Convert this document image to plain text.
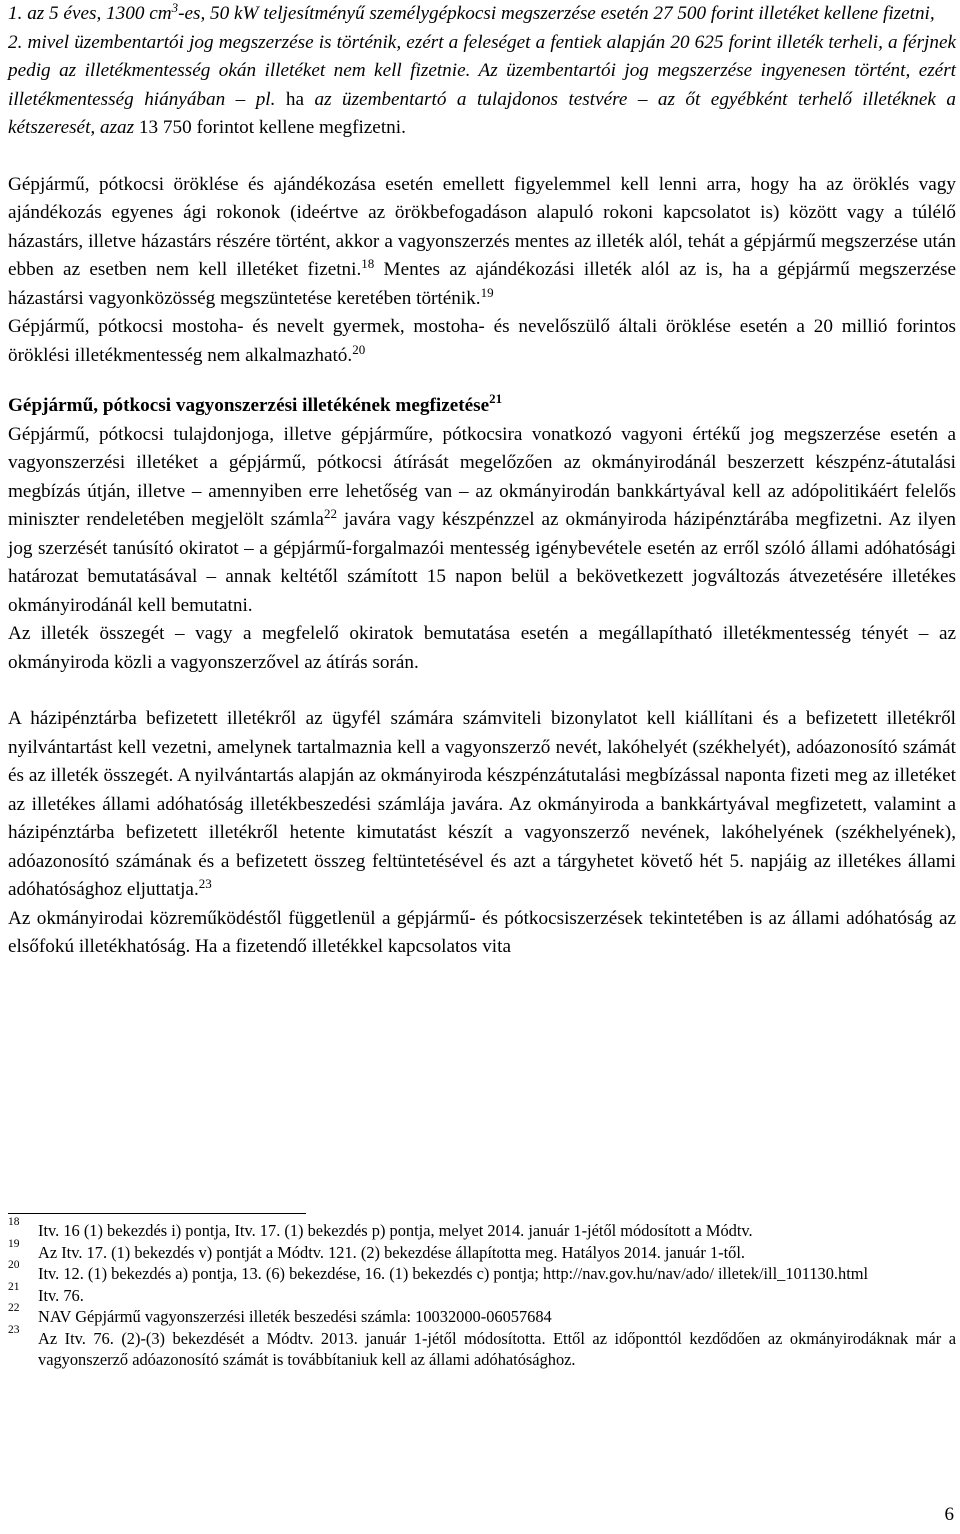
1. az 5 éves, 1300 $cm^3-es$, 50 kW teljesítményű személygépkocsi megszerzése esetén 27 500 forint illetéket kellene fizetni,

2. mivel üzembentartói jog megszerzése is történik, ezért a feleséget a fentiek alapján 20 625 forint illeték terheli, a férjnek pedig az illetékmentesség okán illetéket nem kell fizetnie. Az üzembentartói jog megszerzése ingyenesen történt, ezért illetékmentesség hiányában – pl. ha az üzembentartó a tulajdonos testvére – az őt egyébként terhelő illetéknek a kétszeresét, azaz 13 750 forintot kellene megfizetni.

Gépjármű, pótkocsi öröklése és ajándékozása esetén emellett figyelemmel kell lenni arra, hogy ha az öröklés vagy ajándékozás egyenes ági rokonok (ideértve az örökbefogadáson alapuló rokoni kapcsolatot is) között vagy a túlélő házastárs, illetve házastárs részére történt, akkor a vagyonszerzés mentes az illeték alól, tehát a gépjármű megszerzése után ebben az esetben nem kell illetéket fizetni.$^{18}$ Mentes az ajándékozási illeték alól az is, ha a gépjármű megszerzése házastársi vagyonközösség megszüntetése keretében történik.$^{19}$

Gépjármű, pótkocsi mostoha- és nevelt gyermek, mostoha- és nevelőszülő általi öröklése esetén a 20 millió forintos öröklési illetékmentesség nem alkalmazható.$^{20}$

Gépjármű, pótkocsi vagyonszerzési illetékének megfizetése$^{21}$

Gépjármű, pótkocsi tulajdonjoga, illetve gépjárműre, pótkocsira vonatkozó vagyoni értékű jog megszerzése esetén a vagyonszerzési illetéket a gépjármű, pótkocsi átírását megelőzően az okmányirodánál beszerzett készpénz-átutalási megbízás útján, illetve – amennyiben erre lehetőség van – az okmányirodán bankkártyával kell az adópolitikáért felelős miniszter rendeletében megjelölt számla$^{22}$ javára vagy készpénzzel az okmányiroda házipénztárába megfizetni. Az ilyen jog szerzését tanúsító okiratot – a gépjármű-forgalmazói mentesség igénybevétele esetén az erről szóló állami adóhatósági határozat bemutatásával – annak keltétől számított 15 napon belül a bekövetkezett jogváltozás átvezetésére illetékes okmányirodánál kell bemutatni.

Az illeték összegét – vagy a megfelelő okiratok bemutatása esetén a megállapítható illetékmentesség tényét – az okmányiroda közli a vagyonszerzővel az átírás során.

A házipénztárba befizetett illetékről az ügyfél számára számviteli bizonylatot kell kiállítani és a befizetett illetékről nyilvántartást kell vezetni, amelynek tartalmaznia kell a vagyonszerző nevét, lakóhelyét (székhelyét), adóazonosító számát és az illeték összegét. A nyilvántartás alapján az okmányiroda készpénzátutalási megbízással naponta fizeti meg az illetéket az illetékes állami adóhatóság illetékbeszedési számlája javára. Az okmányiroda a bankkártyával megfizetett, valamint a házipénztárba befizetett illetékről hetente kimutatást készít a vagyonszerző nevének, lakóhelyének (székhelyének), adóazonosító számának és a befizetett összeg feltüntetésével és azt a tárgyhetet követő hét 5. napjáig az illetékes állami adóhatósághoz eljuttatja.$^{23}$

Az okmányirodai közreműködéstől függetlenül a gépjármű- és pótkocsiszerzések tekintetében is az állami adóhatóság az elsőfokú illetékhatóság. Ha a fizetendő illetékkel kapcsolatos vita

18 Itv. 16 (1) bekezdés i) pontja, Itv. 17. (1) bekezdés p) pontja, melyet 2014. január 1-jétől módosított a Módtv.

19 Az Itv. 17. (1) bekezdés v) pontját a Módtv. 121. (2) bekezdése állapította meg. Hatályos 2014. január 1-től.

20 Itv. 12. (1) bekezdés a) pontja, 13. (6) bekezdése, 16. (1) bekezdés c) pontja; http://nav.gov.hu/nav/ado/ illetek/ill_101130.html

21 Itv. 76.

22 NAV Gépjármű vagyonszerzési illeték beszedési számla: 10032000-06057684

23 Az Itv. 76. (2)-(3) bekezdését a Módtv. 2013. január 1-jétől módosította. Ettől az időponttól kezdődően az okmányirodáknak már a vagyonszerző adóazonosító számát is továbbítaniuk kell az állami adóhatósághoz.

6
